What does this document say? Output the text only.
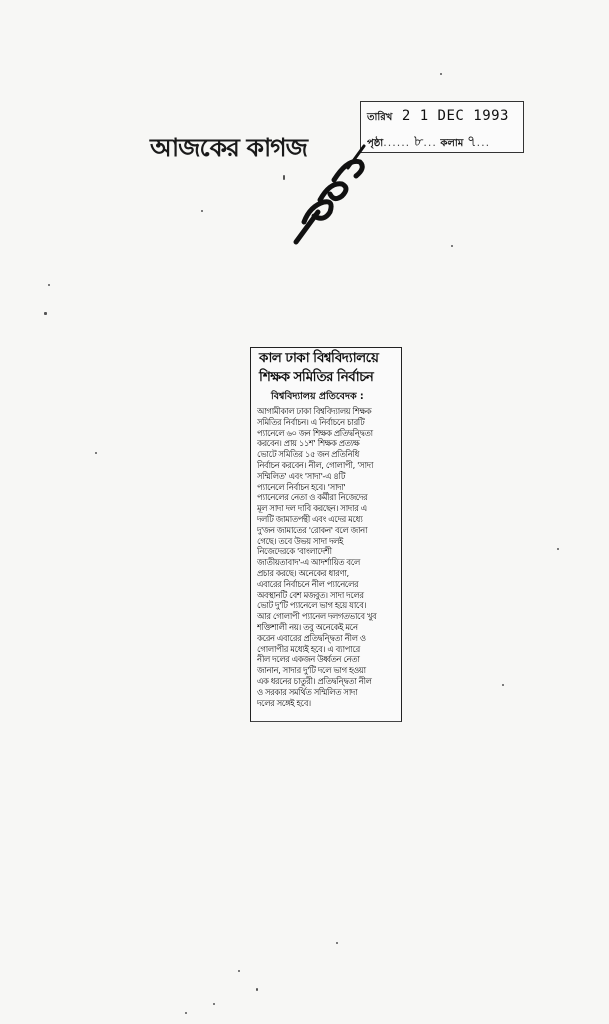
আজকের কাগজ
তারিখ 2 1 DEC 1993
পৃষ্ঠা...... ৮... কলাম ৭...
কাল ঢাকা বিশ্ববিদ্যালয়ে
শিক্ষক সমিতির নির্বাচন
বিশ্ববিদ্যালয় প্রতিবেদক :
আগামীকাল ঢাকা বিশ্ববিদ্যালয় শিক্ষক
সমিতির নির্বাচন। এ নির্বাচনে চারটি
প্যানেলে ৬০ জন শিক্ষক প্রতিদ্বন্দ্বিতা
করবেন। প্রায় ১১শ' শিক্ষক প্রত্যক্ষ
ভোটে সমিতির ১৫ জন প্রতিনিধি
নির্বাচন করবেন। নীল, গোলাপী, 'সাদা
সম্মিলিত' এবং 'সাদা'-এ ৪টি
প্যানেলে নির্বাচন হবে। 'সাদা'
প্যানেলের নেতা ও কর্মীরা নিজেদের
মূল সাদা দল দাবি করছেন। সাদার এ
দলটি জামাতপন্থী এবং এদের মধ্যে
দু'জন জামাতের 'রোকন' বলে জানা
গেছে। তবে উভয় সাদা দলই
নিজেদেরকে 'বাংলাদেশী
জাতীয়তাবাদ'-এ আদর্শায়িত বলে
প্রচার করছে। অনেকের ধারণা,
এবারের নির্বাচনে নীল প্যানেলের
অবস্থানটি বেশ মজবুত। সাদা দলের
ভোট দু'টি প্যানেলে ভাগ হয়ে যাবে।
আর গোলাপী প্যানেল দলগতভাবে খুব
শক্তিশালী নয়। তবু অনেকেই মনে
করেন এবারের প্রতিদ্বন্দ্বিতা নীল ও
গোলাপীর মধ্যেই হবে। এ ব্যাপারে
নীল দলের একজন উর্ধ্বতন নেতা
জানান, সাদার দু'টি দলে ভাগ হওয়া
এক ধরনের চাতুরী। প্রতিদ্বন্দ্বিতা নীল
ও সরকার সমর্থিত সম্মিলিত সাদা
দলের সঙ্গেই হবে।
